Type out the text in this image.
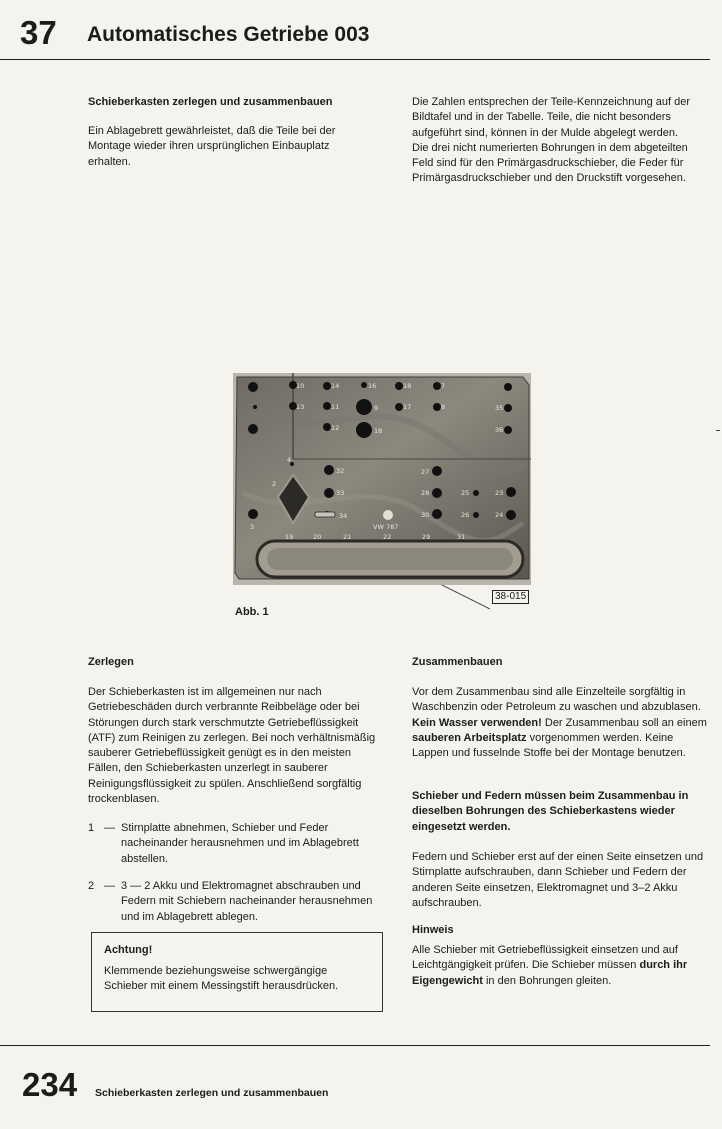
37 Automatisches Getriebe 003
Schieberkasten zerlegen und zusammenbauen
Ein Ablagebrett gewährleistet, daß die Teile bei der Montage wieder ihren ursprünglichen Einbauplatz erhalten.

Die Zahlen entsprechen der Teile-Kennzeichnung auf der Bildtafel und in der Tabelle. Teile, die nicht besonders aufgeführt sind, können in der Mulde abgelegt werden.

Die drei nicht numerierten Bohrungen in dem abgeteilten Feld sind für den Primärgasdruckschieber, die Feder für Primärgasdruckschieber und den Druckstift vorgesehen.

10
13
14
11
12
16
9
18
18
17
7
8	35
36
4
2
3
32
33
34
27
28
30
25
26
23
24
19	20	21	22	29	31
VW 787
38-015
Abb. 1
Zerlegen
Der Schieberkasten ist im allgemeinen nur nach Getriebeschäden durch verbrannte Reibbeläge oder bei Störungen durch stark verschmutzte Getriebeflüssigkeit (ATF) zum Reinigen zu zerlegen. Bei noch verhältnismäßig sauberer Getriebeflüssigkeit genügt es in den meisten Fällen, den Schieberkasten unzerlegt in sauberer Reinigungsflüssigkeit zu spülen. Anschließend sorgfältig trockenblasen.
1 — Stirnplatte abnehmen, Schieber und Feder nacheinander herausnehmen und im Ablagebrett abstellen.
2 — 3 — 2 Akku und Elektromagnet abschrauben und Federn mit Schiebern nacheinander herausnehmen und im Ablagebrett ablegen.
Achtung!
Klemmende beziehungsweise schwergängige Schieber mit einem Messingstift herausdrücken.
Zusammenbauen
Vor dem Zusammenbau sind alle Einzelteile sorgfältig in Waschbenzin oder Petroleum zu waschen und abzublasen. Kein Wasser verwenden! Der Zusammenbau soll an einem sauberen Arbeitsplatz vorgenommen werden. Keine Lappen und fusselnde Stoffe bei der Montage benutzen.
Schieber und Federn müssen beim Zusammenbau in dieselben Bohrungen des Schieberkastens wieder eingesetzt werden.
Federn und Schieber erst auf der einen Seite einsetzen und Stirnplatte aufschrauben, dann Schieber und Federn der anderen Seite einsetzen, Elektromagnet und 3–2 Akku aufschrauben.
Hinweis
Alle Schieber mit Getriebeflüssigkeit einsetzen und auf Leichtgängigkeit prüfen. Die Schieber müssen durch ihr Eigengewicht in den Bohrungen gleiten.
234 Schieberkasten zerlegen und zusammenbauen
